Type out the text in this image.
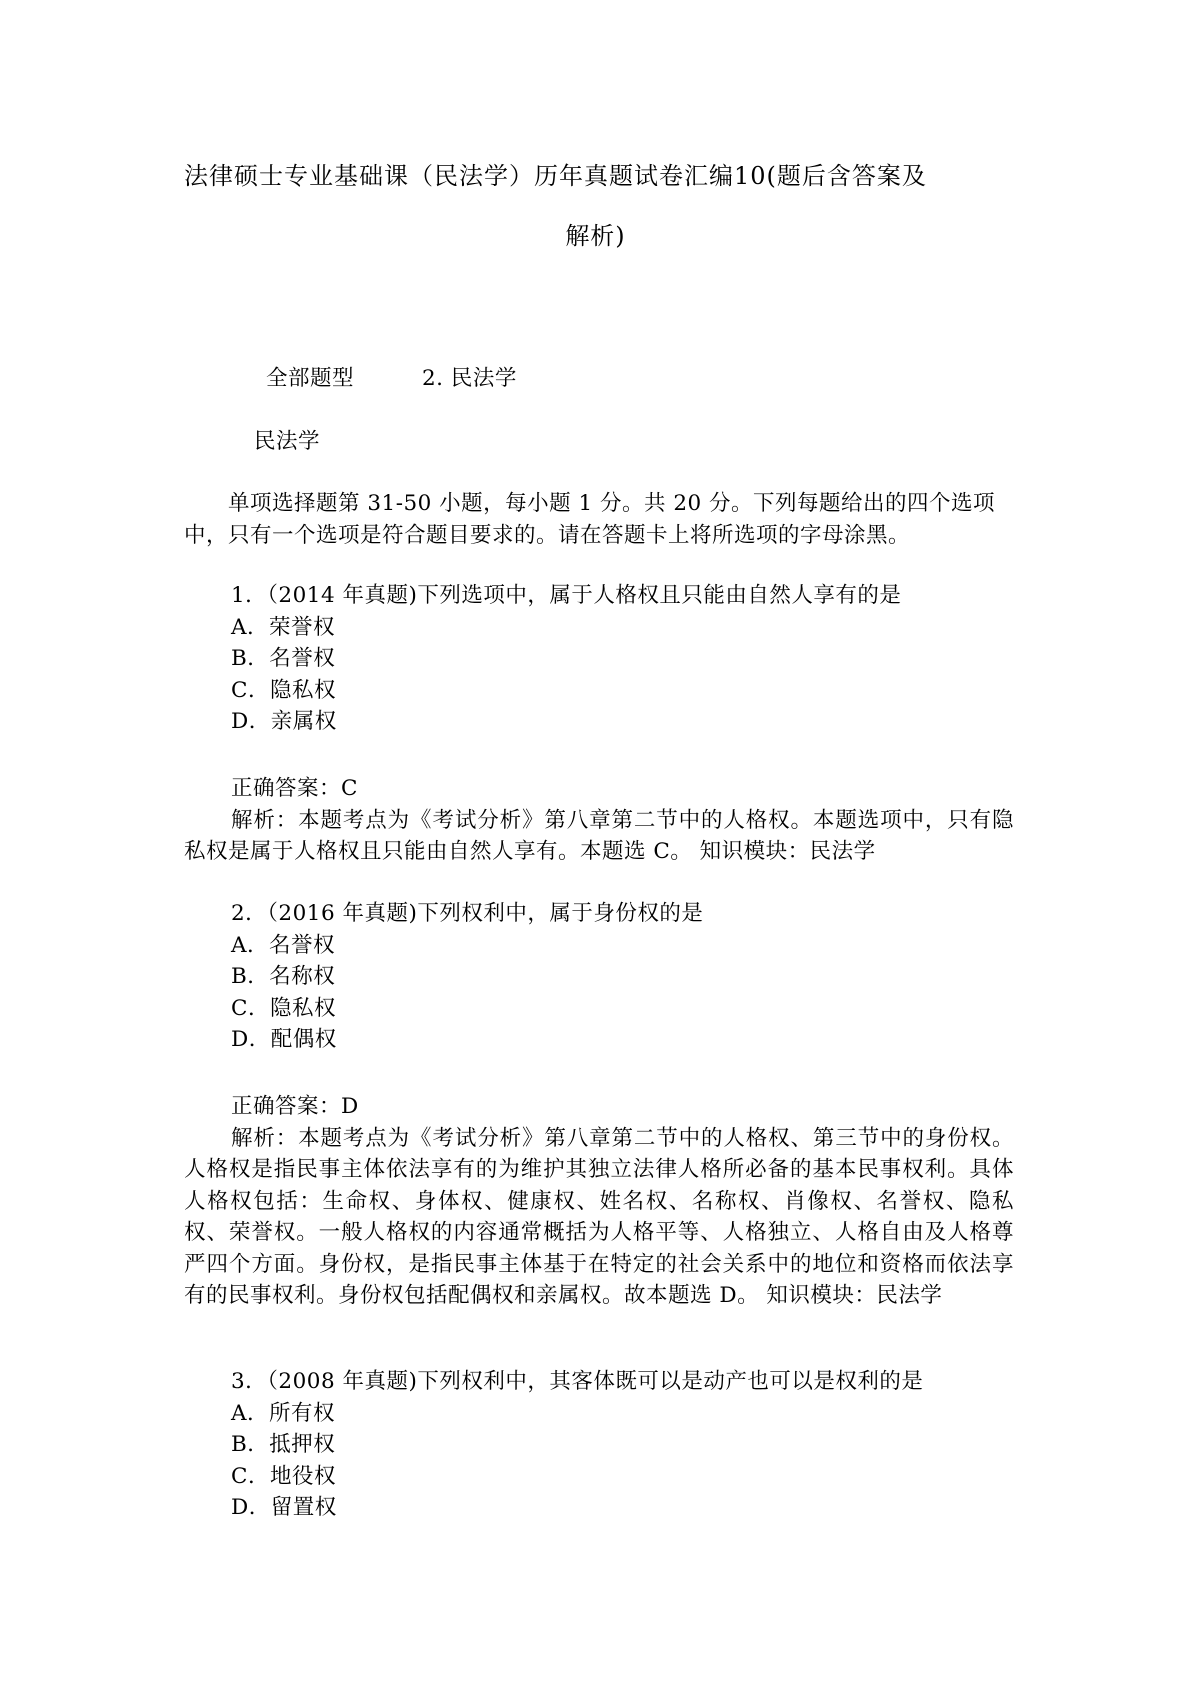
法律硕士专业基础课（民法学）历年真题试卷汇编10(题后含答案及
解析)
全部题型	2. 民法学
民法学
单项选择题第 31-50 小题，每小题 1 分。共 20 分。下列每题给出的四个选项中，只有一个选项是符合题目要求的。请在答题卡上将所选项的字母涂黑。
1．（2014 年真题)下列选项中，属于人格权且只能由自然人享有的是
A．荣誉权
B．名誉权
C．隐私权
D．亲属权
正确答案：C
解析：本题考点为《考试分析》第八章第二节中的人格权。本题选项中，只有隐私权是属于人格权且只能由自然人享有。本题选 C。 知识模块：民法学
2．（2016 年真题)下列权利中，属于身份权的是
A．名誉权
B．名称权
C．隐私权
D．配偶权
正确答案：D
解析：本题考点为《考试分析》第八章第二节中的人格权、第三节中的身份权。人格权是指民事主体依法享有的为维护其独立法律人格所必备的基本民事权利。具体人格权包括：生命权、身体权、健康权、姓名权、名称权、肖像权、名誉权、隐私权、荣誉权。一般人格权的内容通常概括为人格平等、人格独立、人格自由及人格尊严四个方面。身份权，是指民事主体基于在特定的社会关系中的地位和资格而依法享有的民事权利。身份权包括配偶权和亲属权。故本题选 D。 知识模块：民法学
3．（2008 年真题)下列权利中，其客体既可以是动产也可以是权利的是
A．所有权
B．抵押权
C．地役权
D．留置权
